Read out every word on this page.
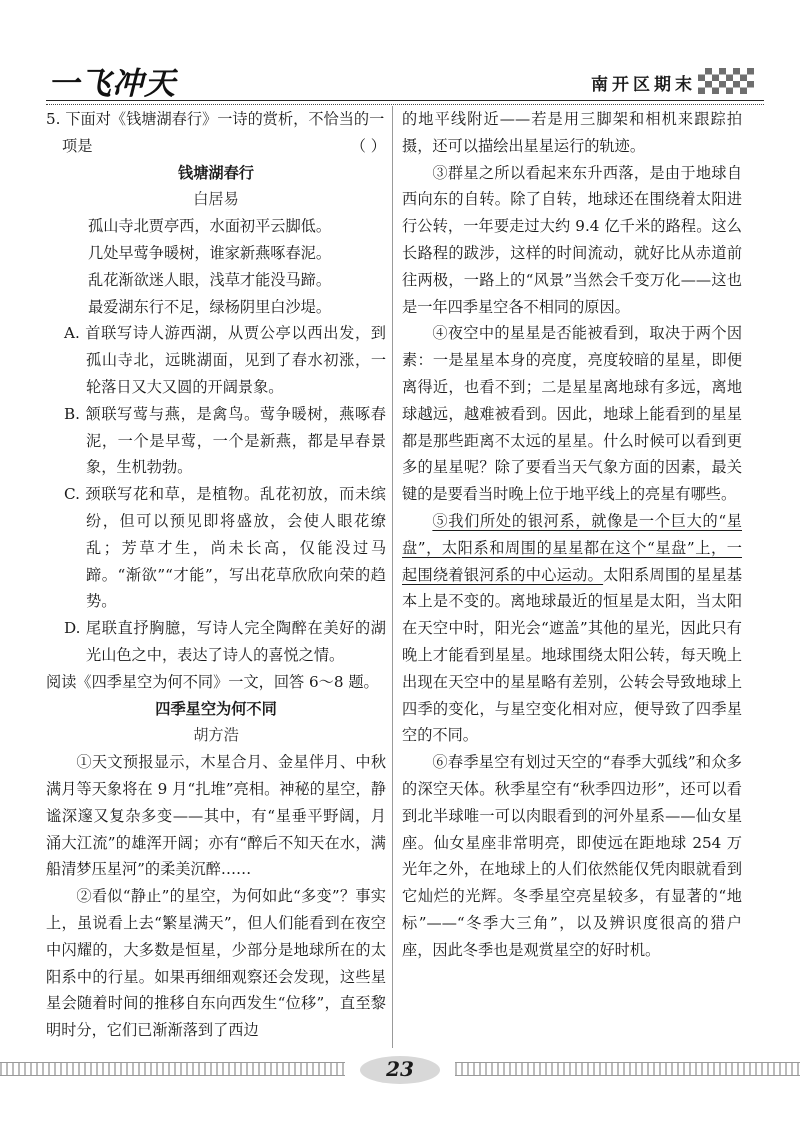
一飞冲天	南开区期末

5. 下面对《钱塘湖春行》一诗的赏析，不恰当的一

项是	（ ）

钱塘湖春行

白居易

孤山寺北贾亭西，水面初平云脚低。

几处早莺争暖树，谁家新燕啄春泥。

乱花渐欲迷人眼，浅草才能没马蹄。

最爱湖东行不足，绿杨阴里白沙堤。

A. 首联写诗人游西湖，从贾公亭以西出发，到孤山寺北，远眺湖面，见到了春水初涨，一轮落日又大又圆的开阔景象。

B. 颔联写莺与燕，是禽鸟。莺争暖树，燕啄春泥，一个是早莺，一个是新燕，都是早春景象，生机勃勃。

C. 颈联写花和草，是植物。乱花初放，而未缤纷，但可以预见即将盛放，会使人眼花缭乱；芳草才生，尚未长高，仅能没过马蹄。“渐欲”“才能”，写出花草欣欣向荣的趋势。

D. 尾联直抒胸臆，写诗人完全陶醉在美好的湖光山色之中，表达了诗人的喜悦之情。

阅读《四季星空为何不同》一文，回答 6～8 题。

四季星空为何不同

胡方浩

①天文预报显示，木星合月、金星伴月、中秋满月等天象将在 9 月“扎堆”亮相。神秘的星空，静谧深邃又复杂多变——其中，有“星垂平野阔，月涌大江流”的雄浑开阔；亦有“醉后不知天在水，满船清梦压星河”的柔美沉醉……

②看似“静止”的星空，为何如此“多变”？事实上，虽说看上去“繁星满天”，但人们能看到在夜空中闪耀的，大多数是恒星，少部分是地球所在的太阳系中的行星。如果再细细观察还会发现，这些星星会随着时间的推移自东向西发生“位移”，直至黎明时分，它们已渐渐落到了西边

的地平线附近——若是用三脚架和相机来跟踪拍摄，还可以描绘出星星运行的轨迹。

③群星之所以看起来东升西落，是由于地球自西向东的自转。除了自转，地球还在围绕着太阳进行公转，一年要走过大约 9.4 亿千米的路程。这么长路程的跋涉，这样的时间流动，就好比从赤道前往两极，一路上的“风景”当然会千变万化——这也是一年四季星空各不相同的原因。

④夜空中的星星是否能被看到，取决于两个因素：一是星星本身的亮度，亮度较暗的星星，即便离得近，也看不到；二是星星离地球有多远，离地球越远，越难被看到。因此，地球上能看到的星星都是那些距离不太远的星星。什么时候可以看到更多的星星呢？除了要看当天气象方面的因素，最关键的是要看当时晚上位于地平线上的亮星有哪些。

⑤我们所处的银河系，就像是一个巨大的“星盘”，太阳系和周围的星星都在这个“星盘”上，一起围绕着银河系的中心运动。太阳系周围的星星基本上是不变的。离地球最近的恒星是太阳，当太阳在天空中时，阳光会“遮盖”其他的星光，因此只有晚上才能看到星星。地球围绕太阳公转，每天晚上出现在天空中的星星略有差别，公转会导致地球上四季的变化，与星空变化相对应，便导致了四季星空的不同。

⑥春季星空有划过天空的“春季大弧线”和众多的深空天体。秋季星空有“秋季四边形”，还可以看到北半球唯一可以肉眼看到的河外星系——仙女星座。仙女星座非常明亮，即使远在距地球 254 万光年之外，在地球上的人们依然能仅凭肉眼就看到它灿烂的光辉。冬季星空亮星较多，有显著的“地标”——“冬季大三角”，以及辨识度很高的猎户座，因此冬季也是观赏星空的好时机。

23
